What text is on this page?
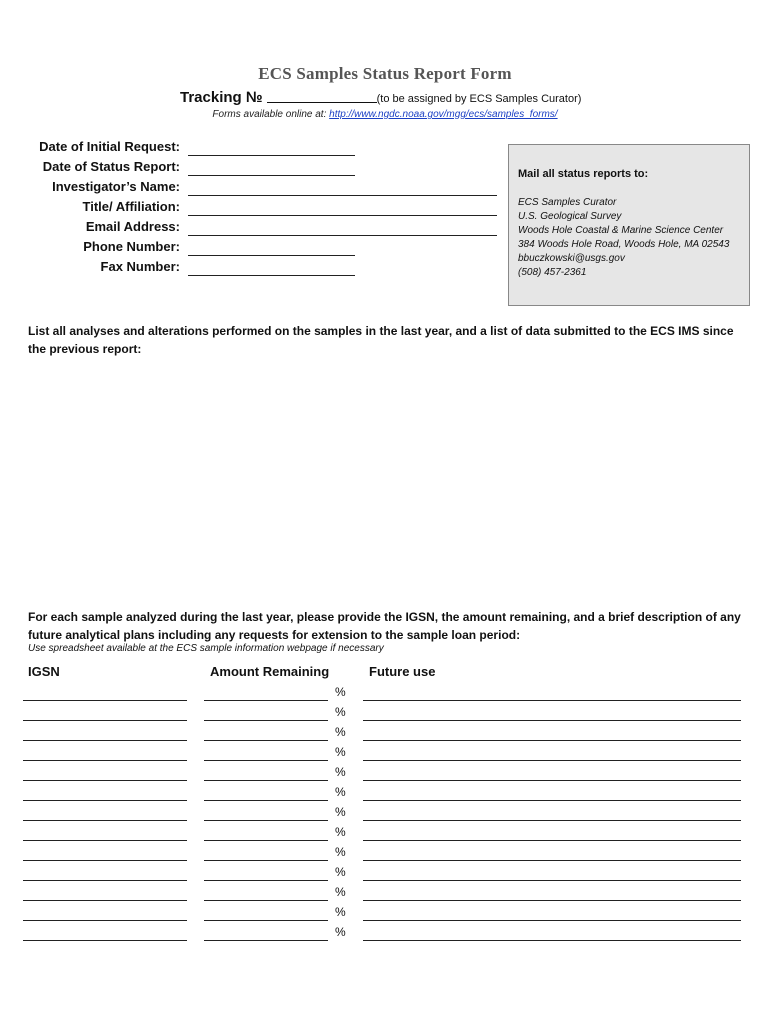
ECS Samples Status Report Form
Tracking №	(to be assigned by ECS Samples Curator)
Forms available online at: http://www.ngdc.noaa.gov/mgg/ecs/samples_forms/
Date of Initial Request:
Date of Status Report:
Investigator’s Name:
Title/ Affiliation:
Email Address:
Phone Number:
Fax Number:
Mail all status reports to:
ECS Samples Curator
U.S. Geological Survey
Woods Hole Coastal & Marine Science Center
384 Woods Hole Road, Woods Hole, MA 02543
bbuczkowski@usgs.gov
(508) 457-2361
List all analyses and alterations performed on the samples in the last year, and a list of data submitted to the ECS IMS since the previous report:
For each sample analyzed during the last year, please provide the IGSN, the amount remaining, and a brief description of any future analytical plans including any requests for extension to the sample loan period:
Use spreadsheet available at the ECS sample information webpage if necessary
IGSN	Amount Remaining	Future use
%
%
%
%
%
%
%
%
%
%
%
%
%
